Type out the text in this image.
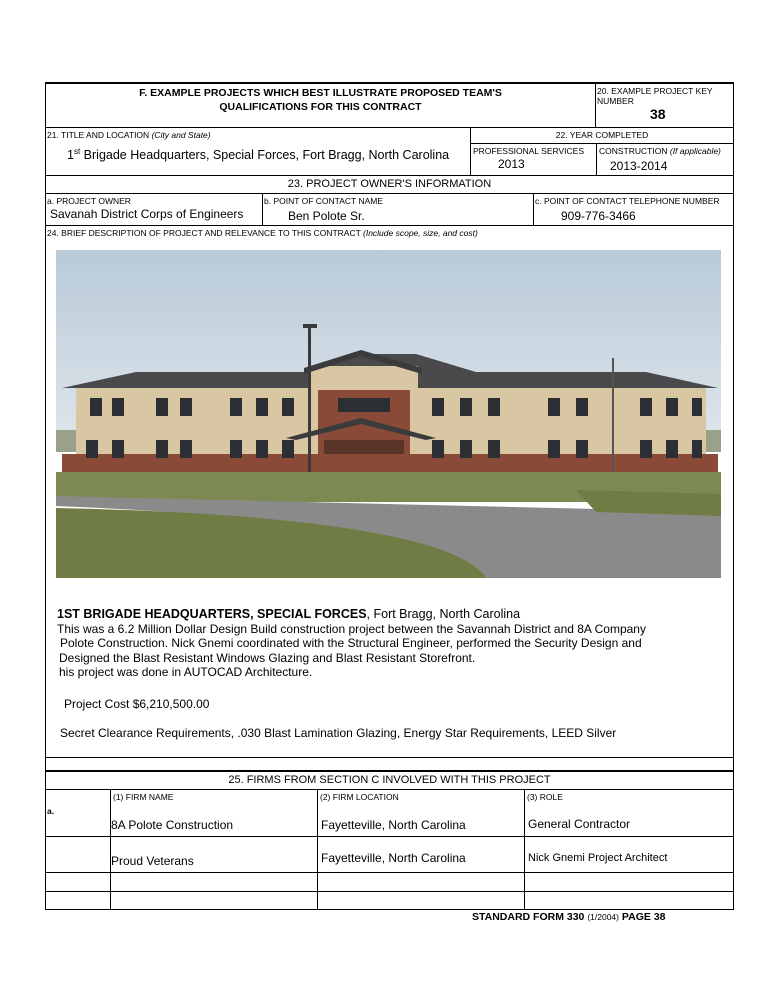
F. EXAMPLE PROJECTS WHICH BEST ILLUSTRATE PROPOSED TEAM'S
QUALIFICATIONS FOR THIS CONTRACT
20. EXAMPLE PROJECT KEY NUMBER
38
21. TITLE AND LOCATION (City and State)
1st Brigade Headquarters, Special Forces, Fort Bragg, North Carolina
22. YEAR COMPLETED
PROFESSIONAL SERVICES
2013
CONSTRUCTION (If applicable)
2013-2014
23. PROJECT OWNER'S INFORMATION
a. PROJECT OWNER
Savanah District Corps of Engineers
b. POINT OF CONTACT NAME
Ben Polote Sr.
c. POINT OF CONTACT TELEPHONE NUMBER
909-776-3466
24. BRIEF DESCRIPTION OF PROJECT AND RELEVANCE TO THIS CONTRACT (Include scope, size, and cost)
1ST BRIGADE HEADQUARTERS, SPECIAL FORCES, Fort Bragg, North Carolina
This was a 6.2 Million Dollar Design Build construction project between the Savannah District and 8A Company
Polote Construction. Nick Gnemi coordinated with the Structural Engineer, performed the Security Design and
Designed the Blast Resistant Windows Glazing and Blast Resistant Storefront.
his project was done in AUTOCAD Architecture.
Project Cost $6,210,500.00
Secret Clearance Requirements, .030 Blast Lamination Glazing, Energy Star Requirements, LEED Silver
25. FIRMS FROM SECTION C INVOLVED WITH THIS PROJECT
(1) FIRM NAME	(2) FIRM LOCATION	(3) ROLE
a.
8A Polote Construction	Fayetteville, North Carolina	General Contractor
Proud Veterans	Fayetteville, North Carolina	Nick Gnemi Project Architect
STANDARD FORM 330 (1/2004) PAGE 38
